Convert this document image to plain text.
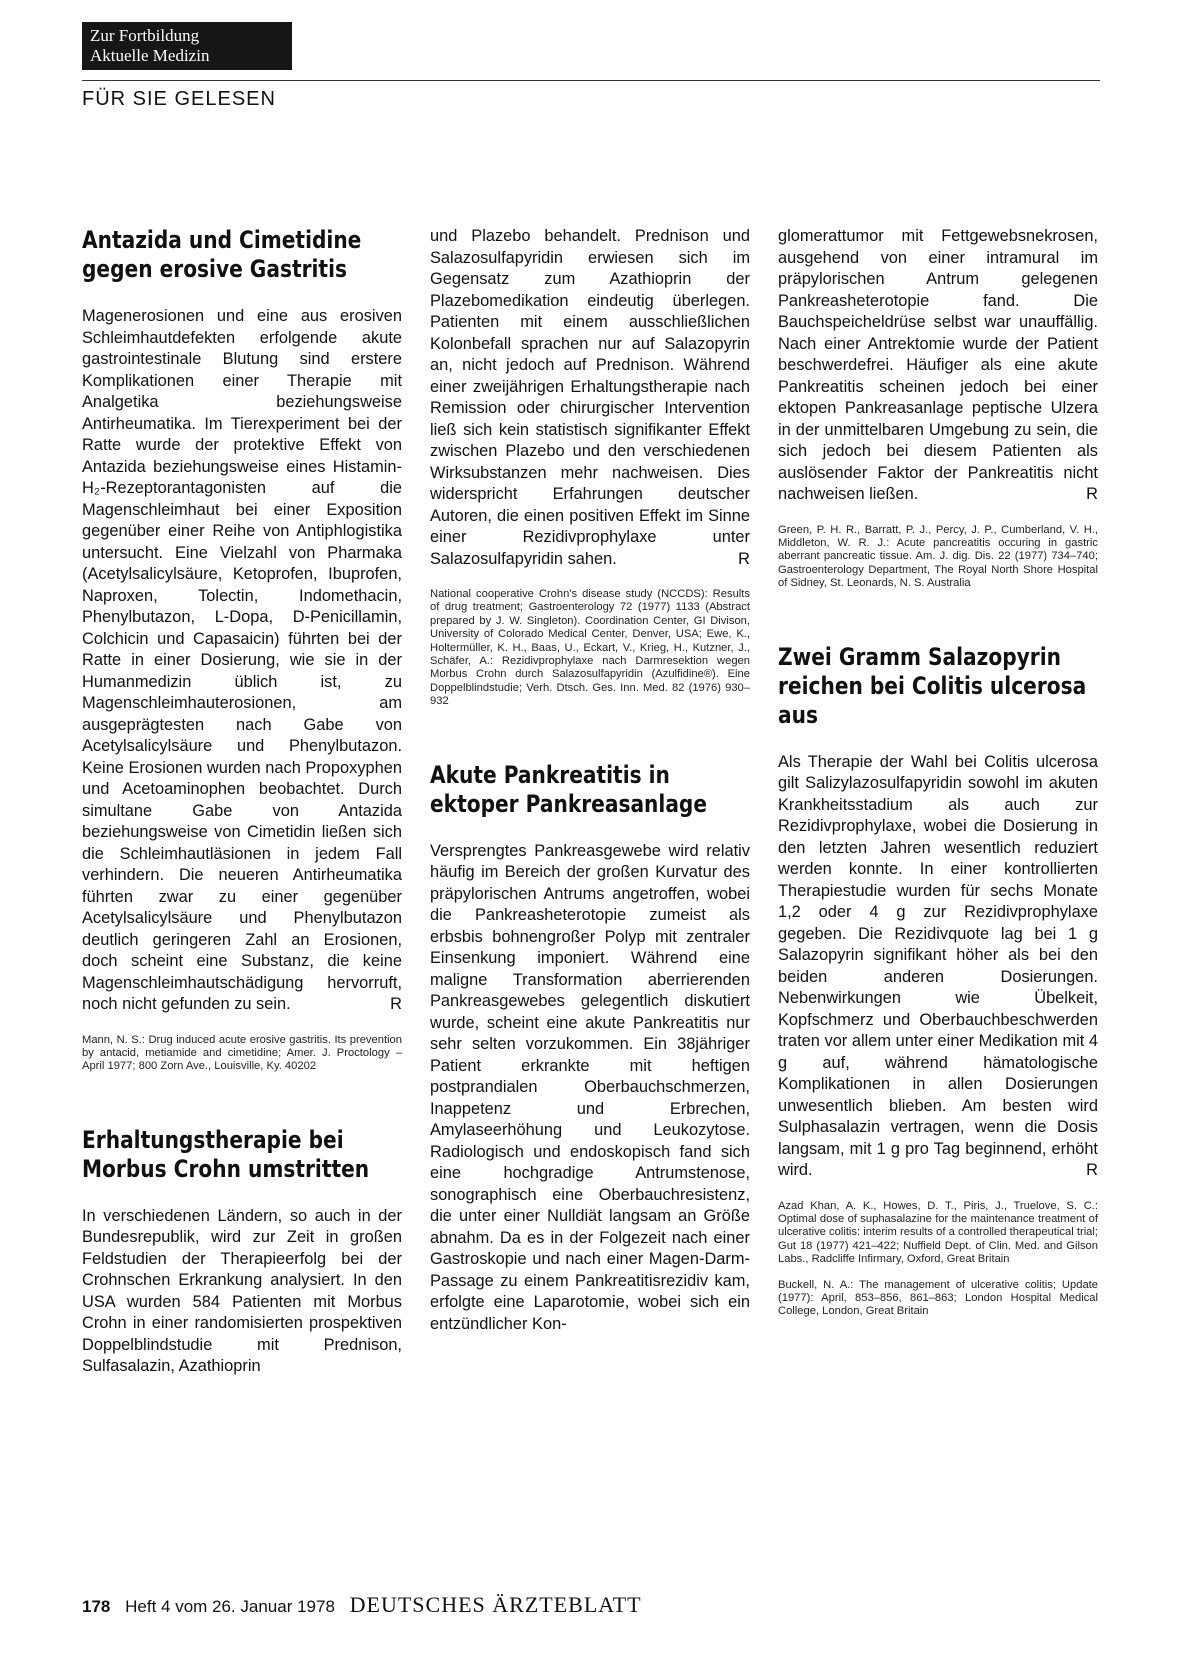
Zur Fortbildung
Aktuelle Medizin
FÜR SIE GELESEN
Antazida und Cimetidine gegen erosive Gastritis

Magenerosionen und eine aus erosiven Schleimhautdefekten erfolgende akute gastrointestinale Blutung sind erstere Komplikationen einer Therapie mit Analgetika beziehungsweise Antirheumatika. Im Tierexperiment bei der Ratte wurde der protektive Effekt von Antazida beziehungsweise eines Histamin-H₂-Rezeptorantagonisten auf die Magenschleimhaut bei einer Exposition gegenüber einer Reihe von Antiphlogistika untersucht. Eine Vielzahl von Pharmaka (Acetylsalicylsäure, Ketoprofen, Ibuprofen, Naproxen, Tolectin, Indomethacin, Phenylbutazon, L-Dopa, D-Penicillamin, Colchicin und Capasaicin) führten bei der Ratte in einer Dosierung, wie sie in der Humanmedizin üblich ist, zu Magenschleimhauterosionen, am ausgeprägtesten nach Gabe von Acetylsalicylsäure und Phenylbutazon. Keine Erosionen wurden nach Propoxyphen und Acetoaminophen beobachtet. Durch simultane Gabe von Antazida beziehungsweise von Cimetidin ließen sich die Schleimhautläsionen in jedem Fall verhindern. Die neueren Antirheumatika führten zwar zu einer gegenüber Acetylsalicylsäure und Phenylbutazon deutlich geringeren Zahl an Erosionen, doch scheint eine Substanz, die keine Magenschleimhautschädigung hervorruft, noch nicht gefunden zu sein.	R

Mann, N. S.: Drug induced acute erosive gastritis. Its prevention by antacid, metiamide and cimetidine; Amer. J. Proctology – April 1977; 800 Zorn Ave., Louisville, Ky. 40202

Erhaltungstherapie bei Morbus Crohn umstritten

In verschiedenen Ländern, so auch in der Bundesrepublik, wird zur Zeit in großen Feldstudien der Therapieerfolg bei der Crohnschen Erkrankung analysiert. In den USA wurden 584 Patienten mit Morbus Crohn in einer randomisierten prospektiven Doppelblindstudie mit Prednison, Sulfasalazin, Azathioprin

und Plazebo behandelt. Prednison und Salazosulfapyridin erwiesen sich im Gegensatz zum Azathioprin der Plazebomedikation eindeutig überlegen. Patienten mit einem ausschließlichen Kolonbefall sprachen nur auf Salazopyrin an, nicht jedoch auf Prednison. Während einer zweijährigen Erhaltungstherapie nach Remission oder chirurgischer Intervention ließ sich kein statistisch signifikanter Effekt zwischen Plazebo und den verschiedenen Wirksubstanzen mehr nachweisen. Dies widerspricht Erfahrungen deutscher Autoren, die einen positiven Effekt im Sinne einer Rezidivprophylaxe unter Salazosulfapyridin sahen.	R

National cooperative Crohn's disease study (NCCDS): Results of drug treatment; Gastroenterology 72 (1977) 1133 (Abstract prepared by J. W. Singleton). Coordination Center, GI Divison, University of Colorado Medical Center, Denver, USA; Ewe, K., Holtermüller, K. H., Baas, U., Eckart, V., Krieg, H., Kutzner, J., Schäfer, A.: Rezidivprophylaxe nach Darmresektion wegen Morbus Crohn durch Salazosulfapyridin (Azulfidine®). Eine Doppelblindstudie; Verh. Dtsch. Ges. Inn. Med. 82 (1976) 930–932

Akute Pankreatitis in ektoper Pankreasanlage

Versprengtes Pankreasgewebe wird relativ häufig im Bereich der großen Kurvatur des präpylorischen Antrums angetroffen, wobei die Pankreasheterotopie zumeist als erbsbis bohnengroßer Polyp mit zentraler Einsenkung imponiert. Während eine maligne Transformation aberrierenden Pankreasgewebes gelegentlich diskutiert wurde, scheint eine akute Pankreatitis nur sehr selten vorzukommen. Ein 38jähriger Patient erkrankte mit heftigen postprandialen Oberbauchschmerzen, Inappetenz und Erbrechen, Amylaseerhöhung und Leukozytose. Radiologisch und endoskopisch fand sich eine hochgradige Antrumstenose, sonographisch eine Oberbauchresistenz, die unter einer Nulldiät langsam an Größe abnahm. Da es in der Folgezeit nach einer Gastroskopie und nach einer Magen-Darm-Passage zu einem Pankreatitisrezidiv kam, erfolgte eine Laparotomie, wobei sich ein entzündlicher Kon-

glomerattumor mit Fettgewebsnekrosen, ausgehend von einer intramural im präpylorischen Antrum gelegenen Pankreasheterotopie fand. Die Bauchspeicheldrüse selbst war unauffällig. Nach einer Antrektomie wurde der Patient beschwerdefrei. Häufiger als eine akute Pankreatitis scheinen jedoch bei einer ektopen Pankreasanlage peptische Ulzera in der unmittelbaren Umgebung zu sein, die sich jedoch bei diesem Patienten als auslösender Faktor der Pankreatitis nicht nachweisen ließen.	R

Green, P. H. R., Barratt, P. J., Percy, J. P., Cumberland, V. H., Middleton, W. R. J.: Acute pancreatitis occuring in gastric aberrant pancreatic tissue. Am. J. dig. Dis. 22 (1977) 734–740; Gastroenterology Department, The Royal North Shore Hospital of Sidney, St. Leonards, N. S. Australia

Zwei Gramm Salazopyrin reichen bei Colitis ulcerosa aus

Als Therapie der Wahl bei Colitis ulcerosa gilt Salizylazosulfapyridin sowohl im akuten Krankheitsstadium als auch zur Rezidivprophylaxe, wobei die Dosierung in den letzten Jahren wesentlich reduziert werden konnte. In einer kontrollierten Therapiestudie wurden für sechs Monate 1,2 oder 4 g zur Rezidivprophylaxe gegeben. Die Rezidivquote lag bei 1 g Salazopyrin signifikant höher als bei den beiden anderen Dosierungen. Nebenwirkungen wie Übelkeit, Kopfschmerz und Oberbauchbeschwerden traten vor allem unter einer Medikation mit 4 g auf, während hämatologische Komplikationen in allen Dosierungen unwesentlich blieben. Am besten wird Sulphasalazin vertragen, wenn die Dosis langsam, mit 1 g pro Tag beginnend, erhöht wird.	R

Azad Khan, A. K., Howes, D. T., Piris, J., Truelove, S. C.: Optimal dose of suphasalazine for the maintenance treatment of ulcerative colitis: interim results of a controlled therapeutical trial; Gut 18 (1977) 421–422; Nuffield Dept. of Clin. Med. and Gilson Labs., Radcliffe Infirmary, Oxford, Great Britain

Buckell, N. A.: The management of ulcerative colitis; Update (1977): April, 853–856, 861–863; London Hospital Medical College, London, Great Britain

178 Heft 4 vom 26. Januar 1978 DEUTSCHES ÄRZTEBLATT
